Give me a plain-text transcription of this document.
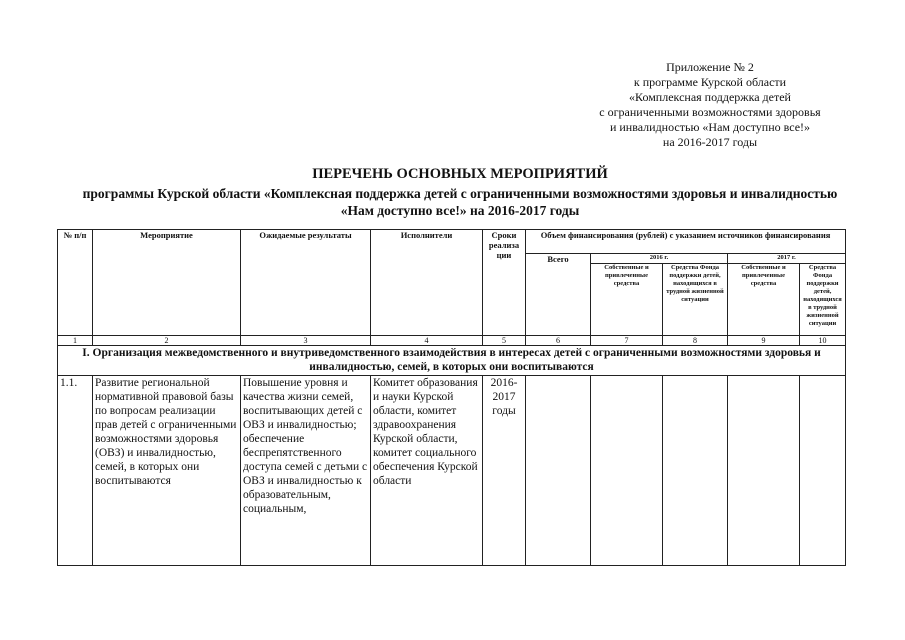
Приложение № 2
к программе Курской области
«Комплексная поддержка детей
с ограниченными возможностями здоровья
и инвалидностью «Нам доступно все!»
на 2016-2017 годы
ПЕРЕЧЕНЬ ОСНОВНЫХ МЕРОПРИЯТИЙ
программы Курской области «Комплексная поддержка детей с ограниченными возможностями здоровья и инвалидностью «Нам доступно все!» на 2016-2017 годы
№ п/п	Мероприятие	Ожидаемые результаты	Исполнители	Сроки реализа ции	Объем финансирования (рублей) с указанием источников финансирования				
					Всего	2016 г.		2017 г.	
						Собственные и привлеченные средства	Средства Фонда поддержки детей, находящихся в трудной жизненной ситуации	Собственные и привлеченные средства	Средства Фонда поддержки детей, находящихся в трудной жизненной ситуации
1	2	3	4	5	6	7	8	9	10
I. Организация межведомственного и внутриведомственного взаимодействия в интересах детей с ограниченными возможностями здоровья и инвалидностью, семей, в которых они воспитываются									
1.1.	Развитие региональной нормативной правовой базы по вопросам реализации прав детей с ограниченными возможностями здоровья (ОВЗ) и инвалидностью, семей, в которых они воспитываются	Повышение уровня и качества жизни семей, воспитывающих детей с ОВЗ и инвалидностью; обеспечение беспрепятственного доступа семей с детьми с ОВЗ и инвалидностью к образовательным, социальным,	Комитет образования и науки Курской области, комитет здравоохранения Курской области, комитет социального обеспечения Курской области	2016-2017 годы					
